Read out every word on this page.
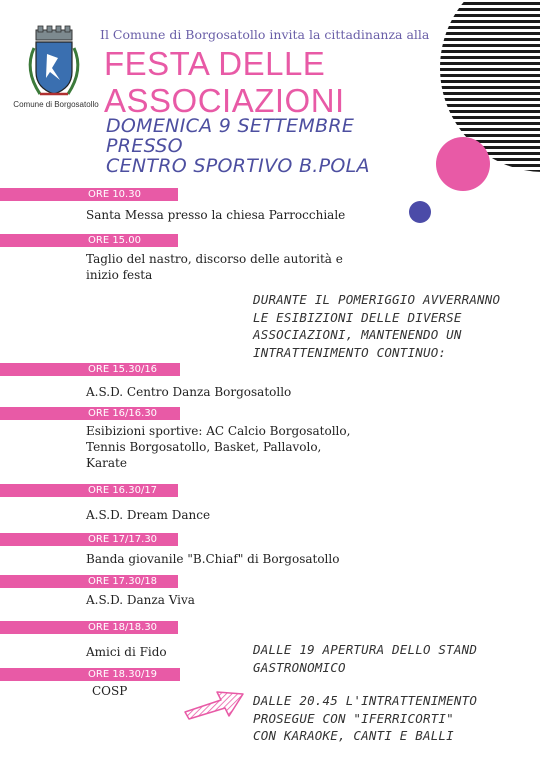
Comune di Borgosatollo
Il Comune di Borgosatollo invita la cittadinanza alla
FESTA DELLE
ASSOCIAZIONI
DOMENICA 9 SETTEMBRE
PRESSO
CENTRO SPORTIVO B.POLA
ORE 10.30
Santa Messa presso la chiesa Parrocchiale
ORE 15.00
Taglio del nastro, discorso delle autorità e
inizio festa
ORE 15.30/16
A.S.D. Centro Danza Borgosatollo
ORE 16/16.30
Esibizioni sportive: AC Calcio Borgosatollo,
Tennis Borgosatollo, Basket, Pallavolo,
Karate
ORE 16.30/17
A.S.D. Dream Dance
ORE 17/17.30
Banda giovanile "B.Chiaf" di Borgosatollo
ORE 17.30/18
A.S.D. Danza Viva
ORE 18/18.30
Amici di Fido
ORE 18.30/19
COSP
DURANTE IL POMERIGGIO AVVERRANNO
LE ESIBIZIONI DELLE DIVERSE
ASSOCIAZIONI, MANTENENDO UN
INTRATTENIMENTO CONTINUO:
DALLE 19 APERTURA DELLO STAND
GASTRONOMICO
DALLE 20.45 L'INTRATTENIMENTO
PROSEGUE CON "IFERRICORTI"
CON KARAOKE, CANTI E BALLI
